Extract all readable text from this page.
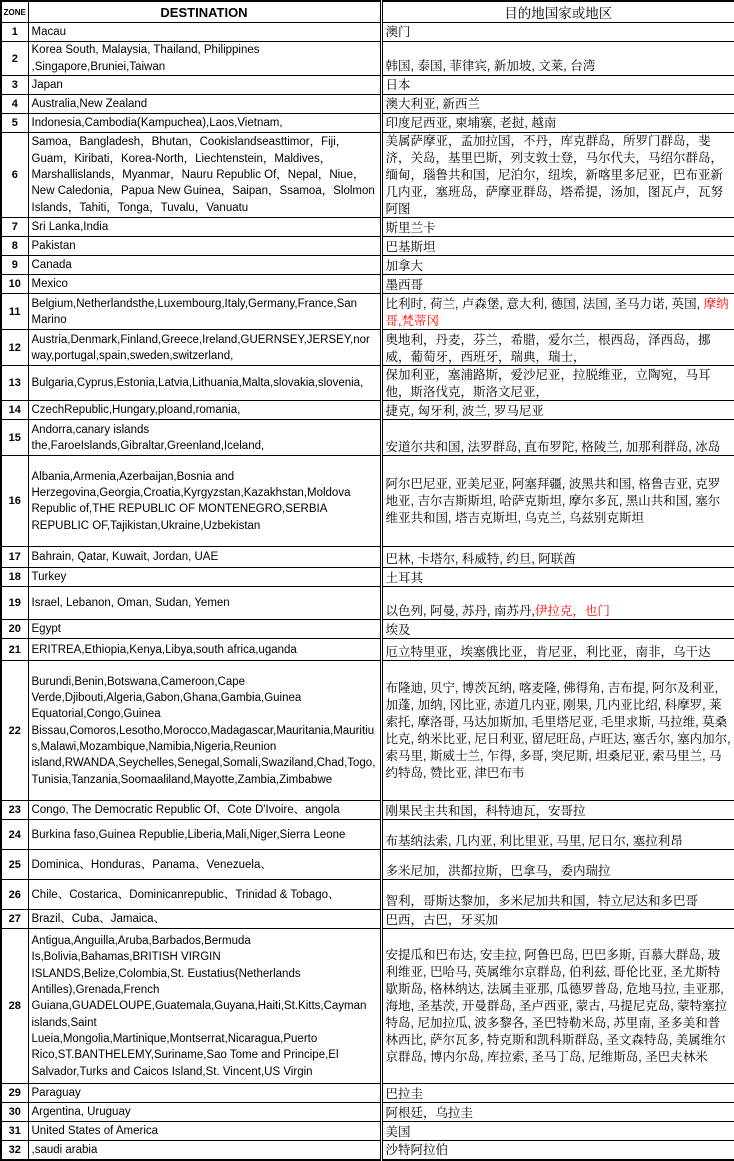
ZONE	DESTINATION	目的地国家或地区
1	Macau	澳门
2	Korea South, Malaysia, Thailand, Philippines ,Singapore,Bruniei,Taiwan	韩国, 泰国, 菲律宾, 新加坡, 文莱, 台湾
3	Japan	日本
4	Australia,New Zealand	澳大利亚, 新西兰
5	Indonesia,Cambodia(Kampuchea),Laos,Vietnam,	印度尼西亚, 柬埔寨, 老挝, 越南
6	Samoa，Bangladesh，Bhutan，Cookislandseasttimor，Fiji，Guam，Kiribati，Korea-North，Liechtenstein，Maldives，Marshallislands，Myanmar，Nauru Republic Of，Nepal，Niue，New Caledonia，Papua New Guinea，Saipan，Ssamoa，Slolmon Islands，Tahiti，Tonga，Tuvalu，Vanuatu	美属萨摩亚，孟加拉国，不丹，库克群岛，所罗门群岛，斐济，关岛，基里巴斯，列支敦士登，马尔代夫，马绍尔群岛，缅甸，瑙鲁共和国，尼泊尔，纽埃，新喀里多尼亚，巴布亚新几内亚，塞班岛，萨摩亚群岛，塔希提，汤加，图瓦卢，瓦努阿图
7	Sri Lanka,India	斯里兰卡
8	Pakistan	巴基斯坦
9	Canada	加拿大
10	Mexico	墨西哥
11	Belgium,Netherlandsthe,Luxembourg,Italy,Germany,France,San Marino	比利时, 荷兰, 卢森堡, 意大利, 德国, 法国, 圣马力诺, 英国, 摩纳哥,梵蒂冈
12	Austria,Denmark,Finland,Greece,Ireland,GUERNSEY,JERSEY,norway,portugal,spain,sweden,switzerland,	奥地利，丹麦，芬兰，希腊，爱尔兰，根西岛，泽西岛，挪威，葡萄牙，西班牙，瑞典，瑞士，
13	Bulgaria,Cyprus,Estonia,Latvia,Lithuania,Malta,slovakia,slovenia,	保加利亚，塞浦路斯，爱沙尼亚，拉脱维亚，立陶宛，马耳他，斯洛伐克，斯洛文尼亚，
14	CzechRepublic,Hungary,ploand,romania,	捷克, 匈牙利, 波兰, 罗马尼亚
15	Andorra,canary islands the,FaroeIslands,Gibraltar,Greenland,Iceland,	安道尔共和国, 法罗群岛, 直布罗陀, 格陵兰, 加那利群岛, 冰岛
16	Albania,Armenia,Azerbaijan,Bosnia and Herzegovina,Georgia,Croatia,Kyrgyzstan,Kazakhstan,Moldova Republic of,THE REPUBLIC OF MONTENEGRO,SERBIA REPUBLIC OF,Tajikistan,Ukraine,Uzbekistan	阿尔巴尼亚, 亚美尼亚, 阿塞拜疆, 波黑共和国, 格鲁吉亚, 克罗地亚, 吉尔吉斯斯坦, 哈萨克斯坦, 摩尔多瓦, 黑山共和国, 塞尔维亚共和国, 塔吉克斯坦, 乌克兰, 乌兹别克斯坦
17	Bahrain, Qatar, Kuwait, Jordan, UAE	巴林, 卡塔尔, 科威特, 约旦, 阿联酋
18	Turkey	土耳其
19	Israel, Lebanon, Oman, Sudan, Yemen	以色列, 阿曼, 苏丹, 南苏丹,伊拉克，也门
20	Egypt	埃及
21	ERITREA,Ethiopia,Kenya,Libya,south africa,uganda	厄立特里亚，埃塞俄比亚，肯尼亚，利比亚，南非，乌干达
22	Burundi,Benin,Botswana,Cameroon,Cape Verde,Djibouti,Algeria,Gabon,Ghana,Gambia,Guinea Equatorial,Congo,Guinea Bissau,Comoros,Lesotho,Morocco,Madagascar,Mauritania,Mauritius,Malawi,Mozambique,Namibia,Nigeria,Reunion island,RWANDA,Seychelles,Senegal,Somali,Swaziland,Chad,Togo,Tunisia,Tanzania,Soomaaliland,Mayotte,Zambia,Zimbabwe	布隆迪, 贝宁, 博茨瓦纳, 喀麦隆, 佛得角, 吉布提, 阿尔及利亚, 加蓬, 加纳, 冈比亚, 赤道几内亚, 刚果, 几内亚比绍, 科摩罗, 莱索托, 摩洛哥, 马达加斯加, 毛里塔尼亚, 毛里求斯, 马拉维, 莫桑比克, 纳米比亚, 尼日利亚, 留尼旺岛, 卢旺达, 塞舌尔, 塞内加尔, 索马里, 斯威士兰, 乍得, 多哥, 突尼斯, 坦桑尼亚, 索马里兰, 马约特岛, 赞比亚, 津巴布韦
23	Congo, The Democratic Republic Of、Cote D'Ivoire、angola	刚果民主共和国，科特迪瓦，安哥拉
24	Burkina faso,Guinea Republie,Liberia,Mali,Niger,Sierra Leone	布基纳法索, 几内亚, 利比里亚, 马里, 尼日尔, 塞拉利昂
25	Dominica、Honduras、Panama、Venezuela、	多米尼加，洪都拉斯，巴拿马，委内瑞拉
26	Chile、Costarica、Dominicanrepublic、Trinidad & Tobago、	智利，哥斯达黎加，多米尼加共和国，特立尼达和多巴哥
27	Brazil、Cuba、Jamaica、	巴西，古巴，牙买加
28	Antigua,Anguilla,Aruba,Barbados,Bermuda Is,Bolivia,Bahamas,BRITISH VIRGIN ISLANDS,Belize,Colombia,St. Eustatius(Netherlands Antilles),Grenada,French Guiana,GUADELOUPE,Guatemala,Guyana,Haiti,St.Kitts,Cayman islands,Saint Lueia,Mongolia,Martinique,Montserrat,Nicaragua,Puerto Rico,ST.BANTHELEMY,Suriname,Sao Tome and Principe,El Salvador,Turks and Caicos Island,St. Vincent,US Virgin	安提瓜和巴布达, 安圭拉, 阿鲁巴岛, 巴巴多斯, 百慕大群岛, 玻利维亚, 巴哈马, 英属维尔京群岛, 伯利兹, 哥伦比亚, 圣尤斯特歇斯岛, 格林纳达, 法属圭亚那, 瓜德罗普岛, 危地马拉, 圭亚那, 海地, 圣基茨, 开曼群岛, 圣卢西亚, 蒙古, 马提尼克岛, 蒙特塞拉特岛, 尼加拉瓜, 波多黎各, 圣巴特勒米岛, 苏里南, 圣多美和普林西比, 萨尔瓦多, 特克斯和凯科斯群岛, 圣文森特岛, 美属维尔京群岛, 博内尔岛, 库拉索, 圣马丁岛, 尼维斯岛, 圣巴夫林米
29	Paraguay	巴拉圭
30	Argentina, Uruguay	阿根廷，乌拉圭
31	United States of America	美国
32	,saudi arabia	沙特阿拉伯
